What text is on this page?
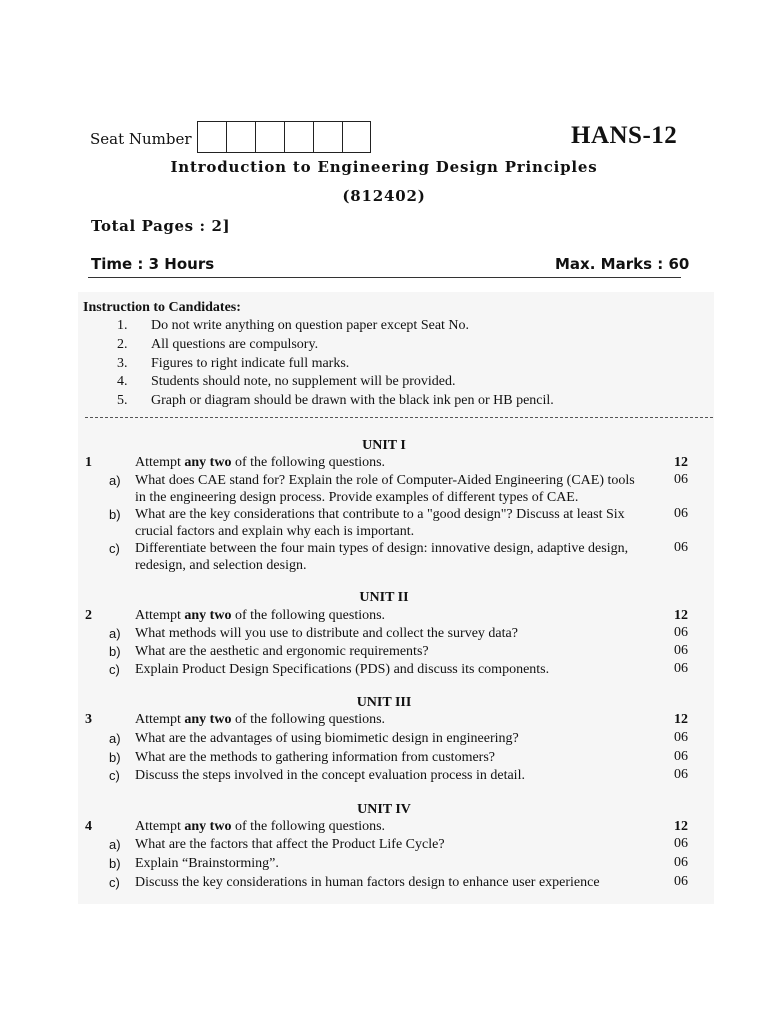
Seat Number	HANS-12
Introduction to Engineering Design Principles
(812402)
Total Pages : 2]
Time : 3 Hours	Max. Marks : 60
Instruction to Candidates:
1. Do not write anything on question paper except Seat No.
2. All questions are compulsory.
3. Figures to right indicate full marks.
4. Students should note, no supplement will be provided.
5. Graph or diagram should be drawn with the black ink pen or HB pencil.
UNIT I
1	Attempt any two of the following questions.	12
a) What does CAE stand for? Explain the role of Computer-Aided Engineering (CAE) tools
in the engineering design process. Provide examples of different types of CAE.
06
b) What are the key considerations that contribute to a "good design"? Discuss at least Six
crucial factors and explain why each is important.
06
c) Differentiate between the four main types of design: innovative design, adaptive design,
redesign, and selection design.
06
UNIT II
2	Attempt any two of the following questions.	12
a) What methods will you use to distribute and collect the survey data?	06
b) What are the aesthetic and ergonomic requirements?	06
c) Explain Product Design Specifications (PDS) and discuss its components.	06
UNIT III
3	Attempt any two of the following questions.	12
a) What are the advantages of using biomimetic design in engineering?	06
b) What are the methods to gathering information from customers?	06
c) Discuss the steps involved in the concept evaluation process in detail.	06
UNIT IV
4	Attempt any two of the following questions.	12
a) What are the factors that affect the Product Life Cycle?	06
b) Explain “Brainstorming”.	06
c) Discuss the key considerations in human factors design to enhance user experience	06
